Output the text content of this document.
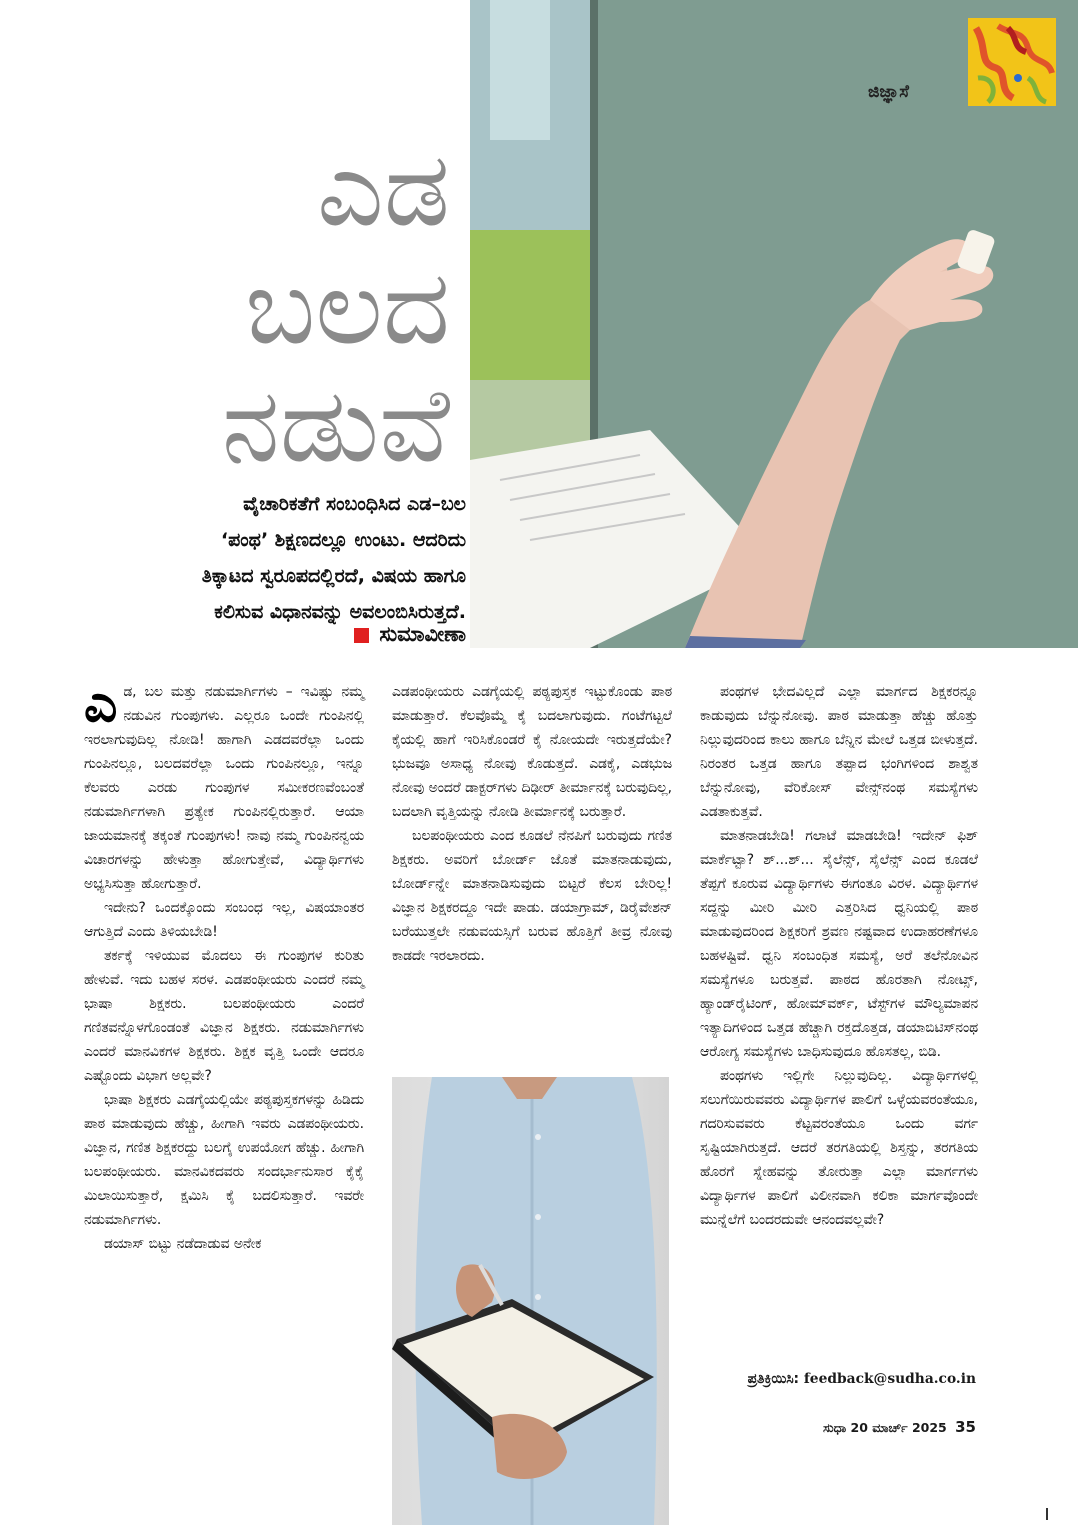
ಜಿಜ್ಞಾಸೆ
ಎಡ
ಬಲದ
ನಡುವೆ
ವೈಚಾರಿಕತೆಗೆ ಸಂಬಂಧಿಸಿದ ಎಡ–ಬಲ
‘ಪಂಥ’ ಶಿಕ್ಷಣದಲ್ಲೂ ಉಂಟು. ಆದರಿದು
ತಿಕ್ಕಾಟದ ಸ್ವರೂಪದಲ್ಲಿರದೆ, ವಿಷಯ ಹಾಗೂ
ಕಲಿಸುವ ವಿಧಾನವನ್ನು ಅವಲಂಬಿಸಿರುತ್ತದೆ.
ಸುಮಾವೀಣಾ

ಎಡ, ಬಲ ಮತ್ತು ನಡುಮಾರ್ಗಿಗಳು – ಇವಿಷ್ಟು ನಮ್ಮ ನಡುವಿನ ಗುಂಪುಗಳು. ಎಲ್ಲರೂ ಒಂದೇ ಗುಂಪಿನಲ್ಲಿ ಇರಲಾಗುವುದಿಲ್ಲ ನೋಡಿ! ಹಾಗಾಗಿ ಎಡದವರೆಲ್ಲಾ ಒಂದು ಗುಂಪಿನಲ್ಲೂ, ಬಲದವರೆಲ್ಲಾ ಒಂದು ಗುಂಪಿನಲ್ಲೂ, ಇನ್ನೂ ಕೆಲವರು ಎರಡು ಗುಂಪುಗಳ ಸಮೀಕರಣವೆಂಬಂತೆ ನಡುಮಾರ್ಗಿಗಳಾಗಿ ಪ್ರತ್ಯೇಕ ಗುಂಪಿನಲ್ಲಿರುತ್ತಾರೆ. ಆಯಾ ಜಾಯಮಾನಕ್ಕೆ ತಕ್ಕಂತೆ ಗುಂಪುಗಳು! ನಾವು ನಮ್ಮ ಗುಂಪಿನನ್ವಯ ವಿಚಾರಗಳನ್ನು ಹೇಳುತ್ತಾ ಹೋಗುತ್ತೇವೆ, ವಿದ್ಯಾರ್ಥಿಗಳು ಅಭ್ಯಸಿಸುತ್ತಾ ಹೋಗುತ್ತಾರೆ.

ಇದೇನು? ಒಂದಕ್ಕೊಂದು ಸಂಬಂಧ ಇಲ್ಲ, ವಿಷಯಾಂತರ ಆಗುತ್ತಿದೆ ಎಂದು ತಿಳಿಯಬೇಡಿ!

ತರ್ಕಕ್ಕೆ ಇಳಿಯುವ ಮೊದಲು ಈ ಗುಂಪುಗಳ ಕುರಿತು ಹೇಳುವೆ. ಇದು ಬಹಳ ಸರಳ. ಎಡಪಂಥೀಯರು ಎಂದರೆ ನಮ್ಮ ಭಾಷಾ ಶಿಕ್ಷಕರು. ಬಲಪಂಥೀಯರು ಎಂದರೆ ಗಣಿತವನ್ನೊಳಗೊಂಡಂತೆ ವಿಜ್ಞಾನ ಶಿಕ್ಷಕರು. ನಡುಮಾರ್ಗಿಗಳು ಎಂದರೆ ಮಾನವಿಕಗಳ ಶಿಕ್ಷಕರು. ಶಿಕ್ಷಕ ವೃತ್ತಿ ಒಂದೇ ಆದರೂ ಎಷ್ಟೊಂದು ವಿಭಾಗ ಅಲ್ಲವೇ?

ಭಾಷಾ ಶಿಕ್ಷಕರು ಎಡಗೈಯಲ್ಲಿಯೇ ಪಠ್ಯಪುಸ್ತಕಗಳನ್ನು ಹಿಡಿದು ಪಾಠ ಮಾಡುವುದು ಹೆಚ್ಚು, ಹೀಗಾಗಿ ಇವರು ಎಡಪಂಥೀಯರು. ವಿಜ್ಞಾನ, ಗಣಿತ ಶಿಕ್ಷಕರದ್ದು ಬಲಗೈ ಉಪಯೋಗ ಹೆಚ್ಚು. ಹೀಗಾಗಿ ಬಲಪಂಥೀಯರು. ಮಾನವಿಕದವರು ಸಂದರ್ಭಾನುಸಾರ ಕೈಕೈ ಮಿಲಾಯಿಸುತ್ತಾರೆ, ಕ್ಷಮಿಸಿ ಕೈ ಬದಲಿಸುತ್ತಾರೆ. ಇವರೇ ನಡುಮಾರ್ಗಿಗಳು.

ಡಯಾಸ್ ಬಿಟ್ಟು ನಡೆದಾಡುವ ಅನೇಕ

ಎಡಪಂಥೀಯರು ಎಡಗೈಯಲ್ಲಿ ಪಠ್ಯಪುಸ್ತಕ ಇಟ್ಟುಕೊಂಡು ಪಾಠ ಮಾಡುತ್ತಾರೆ. ಕೆಲವೊಮ್ಮೆ ಕೈ ಬದಲಾಗುವುದು. ಗಂಟೆಗಟ್ಟಲೆ ಕೈಯಲ್ಲಿ ಹಾಗೆ ಇರಿಸಿಕೊಂಡರೆ ಕೈ ನೋಯದೇ ಇರುತ್ತದೆಯೇ? ಭುಜವೂ ಅಸಾಧ್ಯ ನೋವು ಕೊಡುತ್ತದೆ. ಎಡಕೈ, ಎಡಭುಜ ನೋವು ಅಂದರೆ ಡಾಕ್ಟರ್‌ಗಳು ದಿಢೀರ್ ತೀರ್ಮಾನಕ್ಕೆ ಬರುವುದಿಲ್ಲ, ಬದಲಾಗಿ ವೃತ್ತಿಯನ್ನು ನೋಡಿ ತೀರ್ಮಾನಕ್ಕೆ ಬರುತ್ತಾರೆ.

ಬಲಪಂಥೀಯರು ಎಂದ ಕೂಡಲೆ ನೆನಪಿಗೆ ಬರುವುದು ಗಣಿತ ಶಿಕ್ಷಕರು. ಅವರಿಗೆ ಬೋರ್ಡ್ ಜೊತೆ ಮಾತನಾಡುವುದು, ಬೋರ್ಡ್‌ನ್ನೇ ಮಾತನಾಡಿಸುವುದು ಬಿಟ್ಟರೆ ಕೆಲಸ ಬೇರಿಲ್ಲ! ವಿಜ್ಞಾನ ಶಿಕ್ಷಕರದ್ದೂ ಇದೇ ಪಾಡು. ಡಯಾಗ್ರಾಮ್, ಡಿರೈವೇಶನ್ ಬರೆಯುತ್ತಲೇ ನಡುವಯಸ್ಸಿಗೆ ಬರುವ ಹೊತ್ತಿಗೆ ತೀವ್ರ ನೋವು ಕಾಡದೇ ಇರಲಾರದು.

ಪಂಥಗಳ ಭೇದವಿಲ್ಲದೆ ಎಲ್ಲಾ ಮಾರ್ಗದ ಶಿಕ್ಷಕರನ್ನೂ ಕಾಡುವುದು ಬೆನ್ನುನೋವು. ಪಾಠ ಮಾಡುತ್ತಾ ಹೆಚ್ಚು ಹೊತ್ತು ನಿಲ್ಲುವುದರಿಂದ ಕಾಲು ಹಾಗೂ ಬೆನ್ನಿನ ಮೇಲೆ ಒತ್ತಡ ಬೀಳುತ್ತದೆ. ನಿರಂತರ ಒತ್ತಡ ಹಾಗೂ ತಪ್ಪಾದ ಭಂಗಿಗಳಿಂದ ಶಾಶ್ವತ ಬೆನ್ನುನೋವು, ವೆರಿಕೋಸ್ ವೇನ್ಸ್‌ನಂಥ ಸಮಸ್ಯೆಗಳು ಎಡತಾಕುತ್ತವೆ.

ಮಾತನಾಡಬೇಡಿ! ಗಲಾಟೆ ಮಾಡಬೇಡಿ! ಇದೇನ್ ಫಿಶ್ ಮಾರ್ಕೆಟ್ಟಾ? ಶ್...ಶ್... ಸೈಲೆನ್ಸ್, ಸೈಲೆನ್ಸ್ ಎಂದ ಕೂಡಲೆ ತೆಪ್ಪಗೆ ಕೂರುವ ವಿದ್ಯಾರ್ಥಿಗಳು ಈಗಂತೂ ವಿರಳ. ವಿದ್ಯಾರ್ಥಿಗಳ ಸದ್ದನ್ನು ಮೀರಿ ಮೀರಿ ಎತ್ತರಿಸಿದ ಧ್ವನಿಯಲ್ಲಿ ಪಾಠ ಮಾಡುವುದರಿಂದ ಶಿಕ್ಷಕರಿಗೆ ಶ್ರವಣ ನಷ್ಟವಾದ ಉದಾಹರಣೆಗಳೂ ಬಹಳಷ್ಟಿವೆ. ಧ್ವನಿ ಸಂಬಂಧಿತ ಸಮಸ್ಯೆ, ಅರೆ ತಲೆನೋವಿನ ಸಮಸ್ಯೆಗಳೂ ಬರುತ್ತವೆ. ಪಾಠದ ಹೊರತಾಗಿ ನೋಟ್ಸ್, ಹ್ಯಾಂಡ್‌ರೈಟಿಂಗ್, ಹೋಮ್‌ವರ್ಕ್, ಟೆಸ್ಟ್‌ಗಳ ಮೌಲ್ಯಮಾಪನ ಇತ್ಯಾದಿಗಳಿಂದ ಒತ್ತಡ ಹೆಚ್ಚಾಗಿ ರಕ್ತದೊತ್ತಡ, ಡಯಾಬಿಟಿಸ್‌ನಂಥ ಆರೋಗ್ಯ ಸಮಸ್ಯೆಗಳು ಬಾಧಿಸುವುದೂ ಹೊಸತಲ್ಲ, ಬಿಡಿ.

ಪಂಥಗಳು ಇಲ್ಲಿಗೇ ನಿಲ್ಲುವುದಿಲ್ಲ. ವಿದ್ಯಾರ್ಥಿಗಳಲ್ಲಿ ಸಲುಗೆಯಿರುವವರು ವಿದ್ಯಾರ್ಥಿಗಳ ಪಾಲಿಗೆ ಒಳ್ಳೆಯವರಂತೆಯೂ, ಗದರಿಸುವವರು ಕೆಟ್ಟವರಂತೆಯೂ ಒಂದು ವರ್ಗ ಸೃಷ್ಟಿಯಾಗಿರುತ್ತದೆ. ಆದರೆ ತರಗತಿಯಲ್ಲಿ ಶಿಸ್ತನ್ನು, ತರಗತಿಯ ಹೊರಗೆ ಸ್ನೇಹವನ್ನು ತೋರುತ್ತಾ ಎಲ್ಲಾ ಮಾರ್ಗಗಳು ವಿದ್ಯಾರ್ಥಿಗಳ ಪಾಲಿಗೆ ವಿಲೀನವಾಗಿ ಕಲಿಕಾ ಮಾರ್ಗವೊಂದೇ ಮುನ್ನೆಲೆಗೆ ಬಂದರದುವೇ ಆನಂದವಲ್ಲವೇ?

ಪ್ರತಿಕ್ರಿಯಿಸಿ: feedback@sudha.co.in
ಸುಧಾ 20 ಮಾರ್ಚ್ 2025 35
